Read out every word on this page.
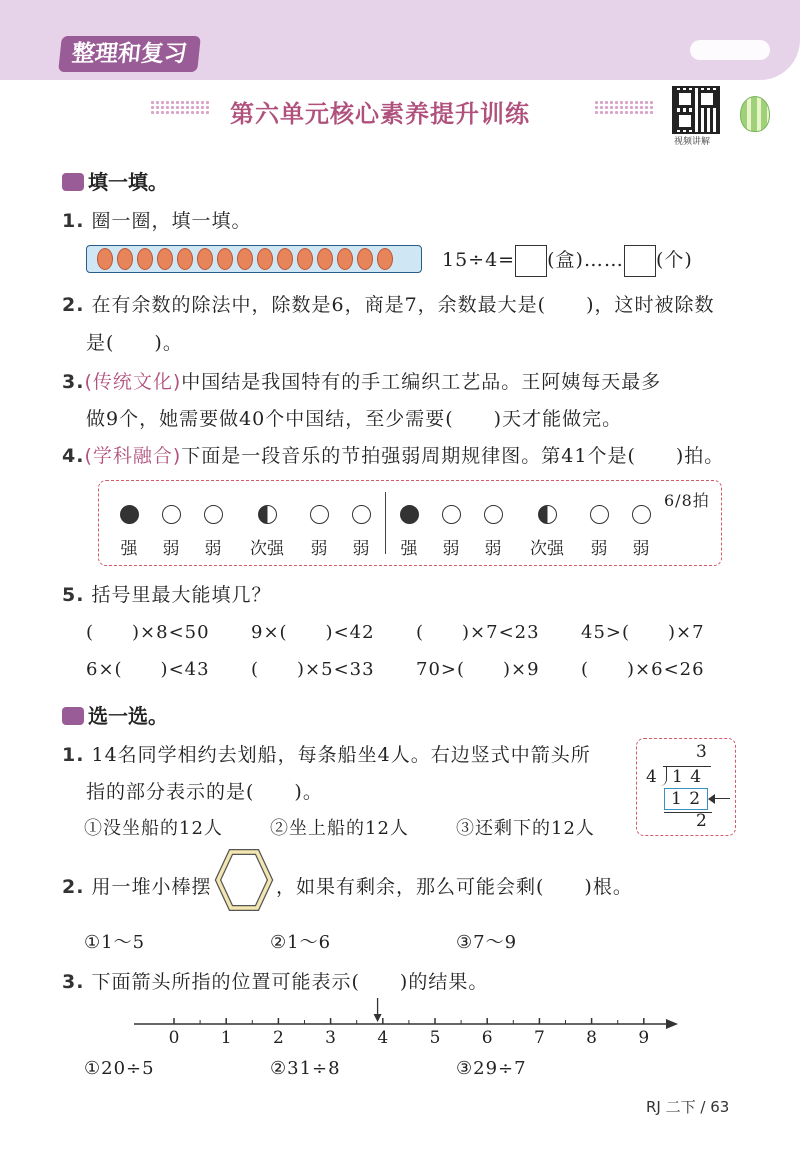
整理和复习
第六单元核心素养提升训练
视频讲解
填一填。
1. 圈一圈，填一填。
15÷4= (盒)…… (个)
2. 在有余数的除法中，除数是6，商是7，余数最大是(　　)，这时被除数
是(　　)。
3.(传统文化)中国结是我国特有的手工编织工艺品。王阿姨每天最多
做9个，她需要做40个中国结，至少需要(　　)天才能做完。
4.(学科融合)下面是一段音乐的节拍强弱周期规律图。第41个是(　　)拍。
6/8拍
强	弱	弱	次强	弱	弱	强	弱	弱	次强	弱	弱
5. 括号里最大能填几？
(　　)×8<50 9×(　　)<42 (　　)×7<23 45>(　　)×7
6×(　　)<43 (　　)×5<33 70>(　　)×9 (　　)×6<26
选一选。
1. 14名同学相约去划船，每条船坐4人。右边竖式中箭头所
指的部分表示的是(　　)。
①没坐船的12人	②坐上船的12人	③还剩下的12人
3
4 1 4
1 2
2
2. 用一堆小棒摆	，如果有剩余，那么可能会剩(　　)根。
①1～5	②1～6	③7～9
3. 下面箭头所指的位置可能表示(　　)的结果。
0 1 2 3 4 5 6 7 8 9
①20÷5	②31÷8	③29÷7
RJ 二下 / 63
